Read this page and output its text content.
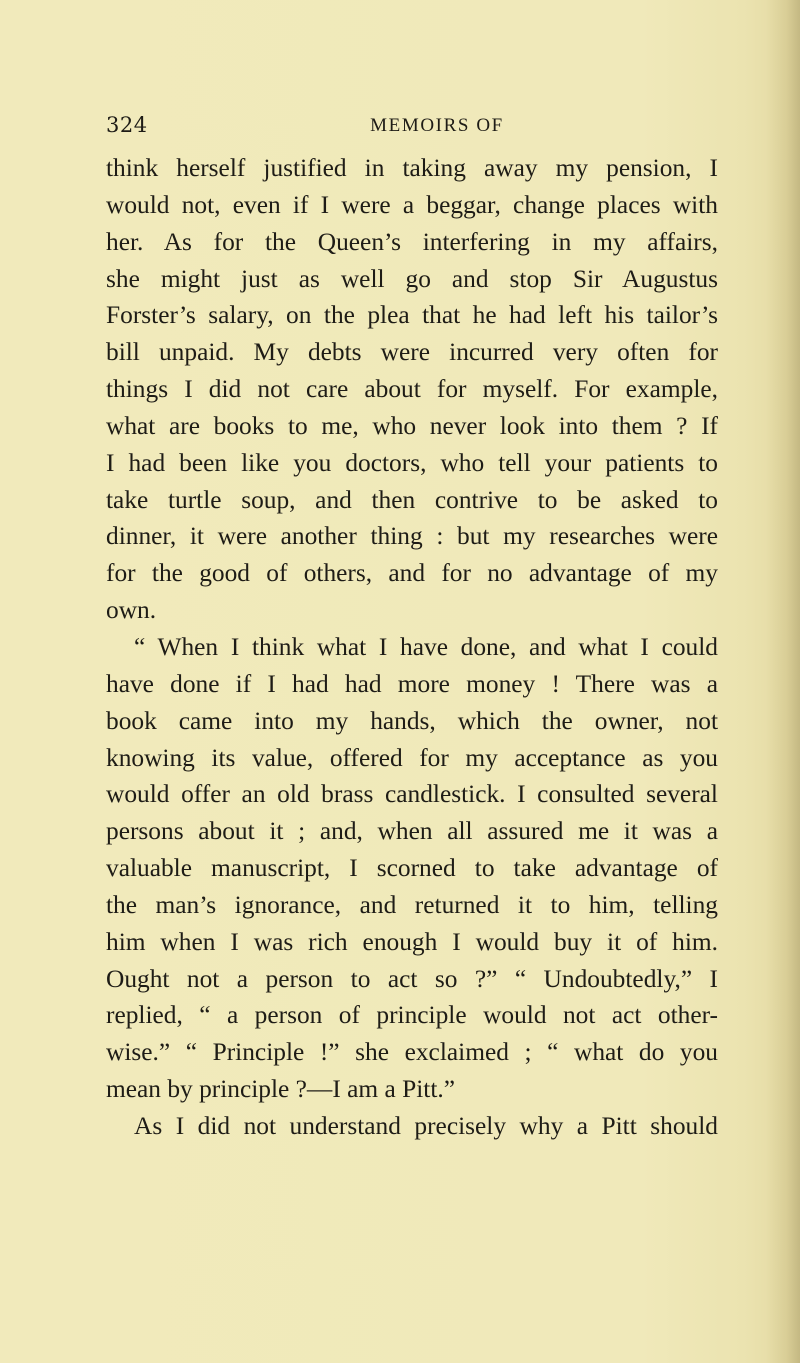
324	MEMOIRS OF
think herself justified in taking away my pension, I
would not, even if I were a beggar, change places with
her. As for the Queen’s interfering in my affairs,
she might just as well go and stop Sir Augustus
Forster’s salary, on the plea that he had left his tailor’s
bill unpaid. My debts were incurred very often for
things I did not care about for myself. For example,
what are books to me, who never look into them ? If
I had been like you doctors, who tell your patients to
take turtle soup, and then contrive to be asked to
dinner, it were another thing : but my researches were
for the good of others, and for no advantage of my
own.
“ When I think what I have done, and what I could
have done if I had had more money ! There was a
book came into my hands, which the owner, not
knowing its value, offered for my acceptance as you
would offer an old brass candlestick. I consulted several
persons about it ; and, when all assured me it was a
valuable manuscript, I scorned to take advantage of
the man’s ignorance, and returned it to him, telling
him when I was rich enough I would buy it of him.
Ought not a person to act so ?” “ Undoubtedly,” I
replied, “ a person of principle would not act other-
wise.” “ Principle !” she exclaimed ; “ what do you
mean by principle ?—I am a Pitt.”
As I did not understand precisely why a Pitt should
